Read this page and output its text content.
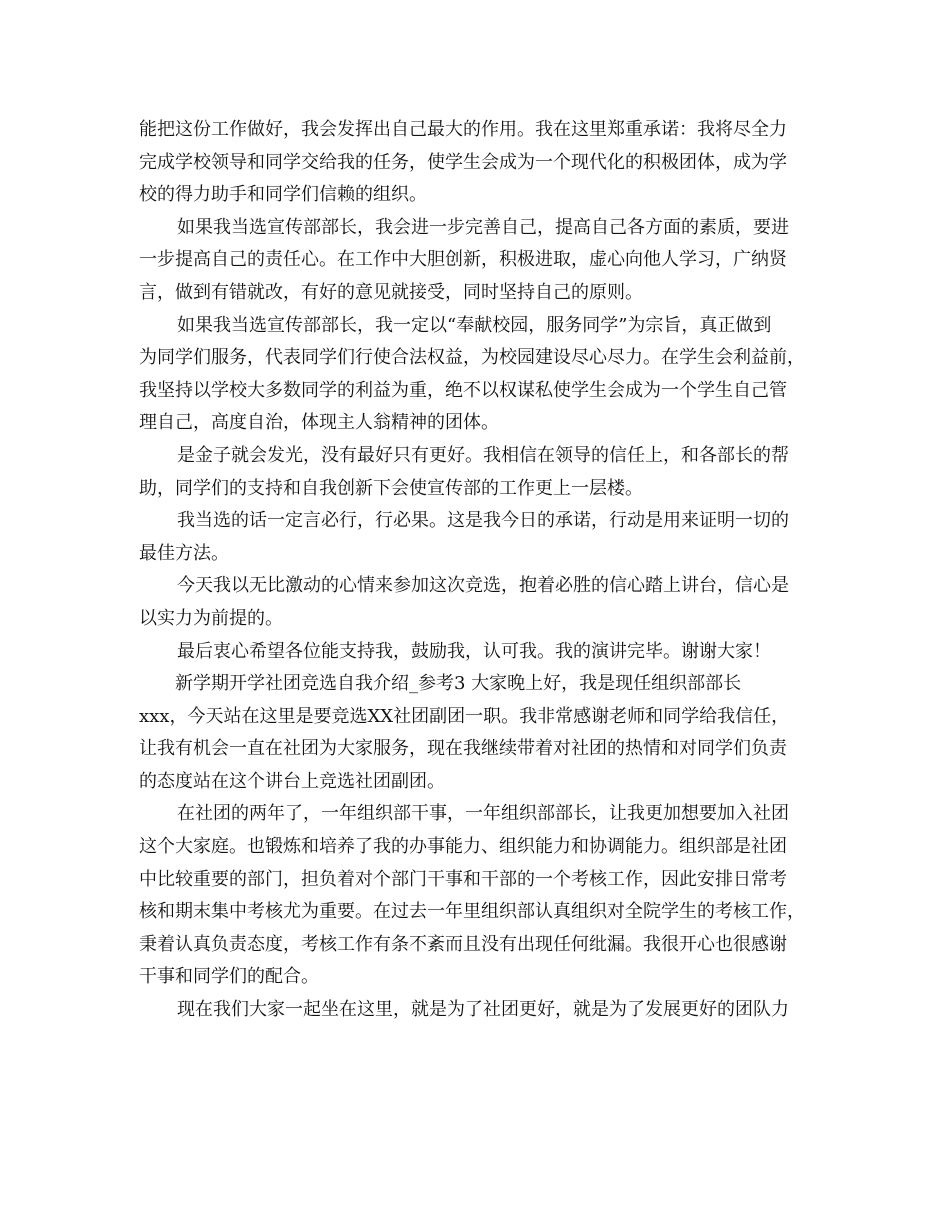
能把这份工作做好，我会发挥出自己最大的作用。我在这里郑重承诺：我将尽全力
完成学校领导和同学交给我的任务，使学生会成为一个现代化的积极团体，成为学
校的得力助手和同学们信赖的组织。
如果我当选宣传部部长，我会进一步完善自己，提高自己各方面的素质，要进
一步提高自己的责任心。在工作中大胆创新，积极进取，虚心向他人学习，广纳贤
言，做到有错就改，有好的意见就接受，同时坚持自己的原则。
如果我当选宣传部部长，我一定以“奉献校园，服务同学”为宗旨，真正做到
为同学们服务，代表同学们行使合法权益，为校园建设尽心尽力。在学生会利益前，
我坚持以学校大多数同学的利益为重，绝不以权谋私使学生会成为一个学生自己管
理自己，高度自治，体现主人翁精神的团体。
是金子就会发光，没有最好只有更好。我相信在领导的信任上，和各部长的帮
助，同学们的支持和自我创新下会使宣传部的工作更上一层楼。
我当选的话一定言必行，行必果。这是我今日的承诺，行动是用来证明一切的
最佳方法。
今天我以无比激动的心情来参加这次竞选，抱着必胜的信心踏上讲台，信心是
以实力为前提的。
最后衷心希望各位能支持我，鼓励我，认可我。我的演讲完毕。谢谢大家！
新学期开学社团竞选自我介绍_参考3 大家晚上好，我是现任组织部部长
xxx，今天站在这里是要竞选XX社团副团一职。我非常感谢老师和同学给我信任，
让我有机会一直在社团为大家服务，现在我继续带着对社团的热情和对同学们负责
的态度站在这个讲台上竞选社团副团。
在社团的两年了，一年组织部干事，一年组织部部长，让我更加想要加入社团
这个大家庭。也锻炼和培养了我的办事能力、组织能力和协调能力。组织部是社团
中比较重要的部门，担负着对个部门干事和干部的一个考核工作，因此安排日常考
核和期末集中考核尤为重要。在过去一年里组织部认真组织对全院学生的考核工作，
秉着认真负责态度，考核工作有条不紊而且没有出现任何纰漏。我很开心也很感谢
干事和同学们的配合。
现在我们大家一起坐在这里，就是为了社团更好，就是为了发展更好的团队力
